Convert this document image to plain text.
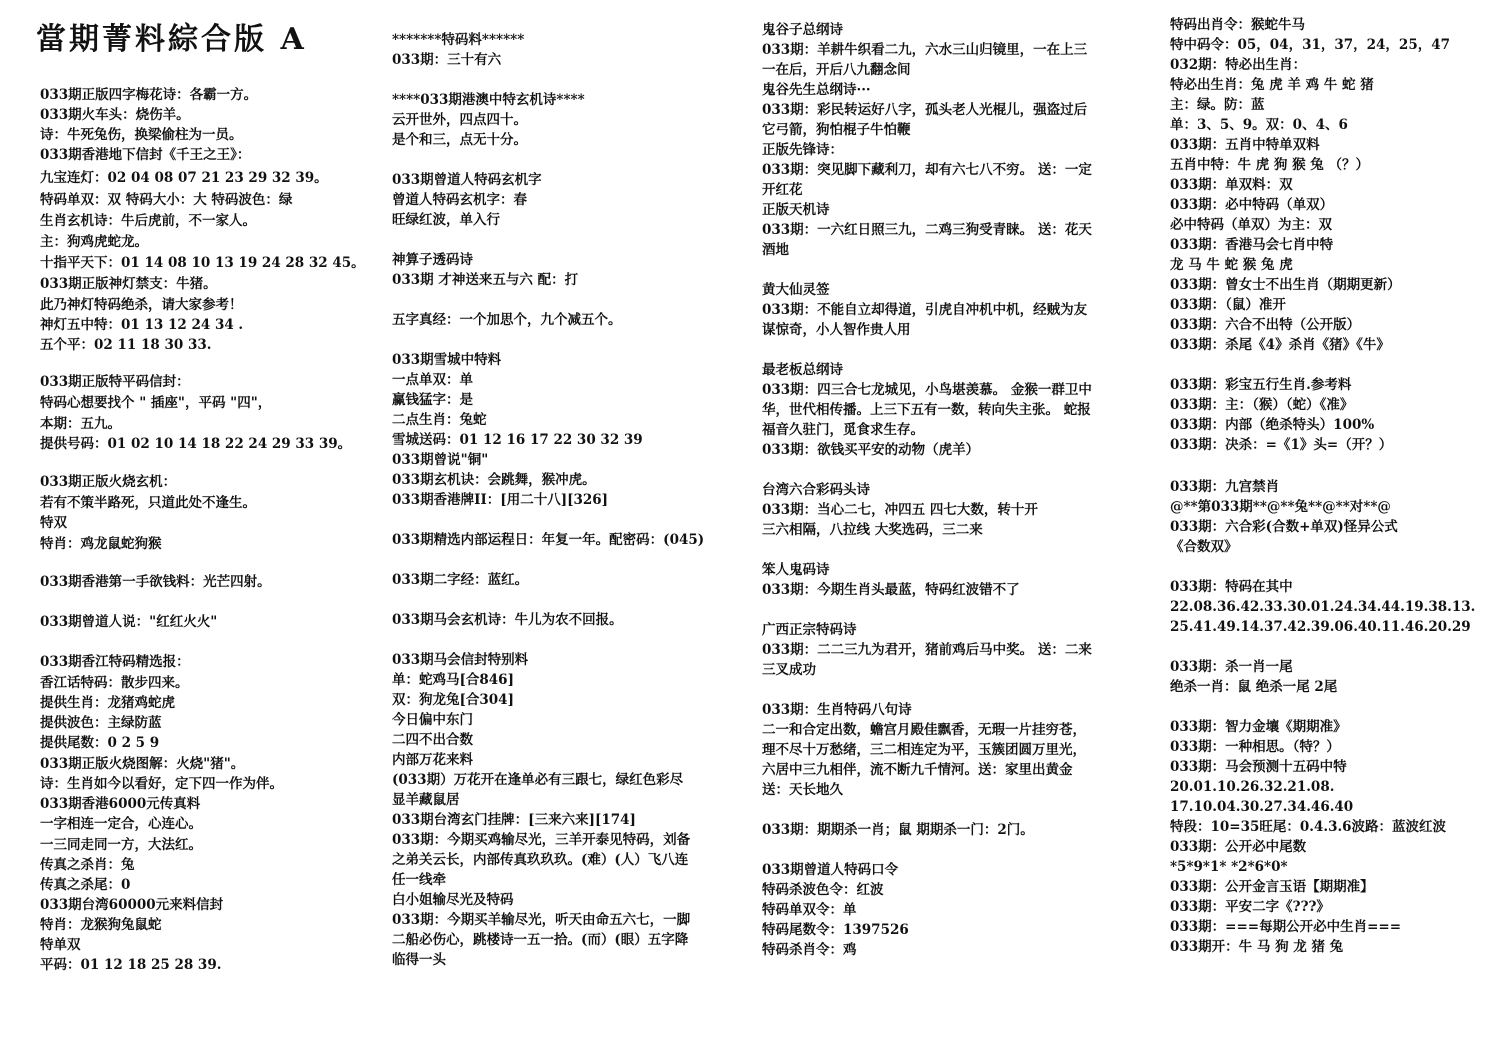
當期菁料綜合版 A
033期正版四字梅花诗：各霸一方。
033期火车头：烧伤羊。
诗：牛死兔伤，换梁偷柱为一员。
033期香港地下信封《千王之王》：
九宝连灯：02 04 08 07 21 23 29 32 39。
特码单双：双 特码大小：大 特码波色：绿
生肖玄机诗：牛后虎前，不一家人。
主：狗鸡虎蛇龙。
十指平天下：01 14 08 10 13 19 24 28 32 45。
033期正版神灯禁支：牛猪。
此乃神灯特码绝杀，请大家参考！
神灯五中特：01 13 12 24 34 .
五个平：02 11 18 30 33.
033期正版特平码信封：
特码心想要找个 " 插座"，平码 "四"，
本期：五九。
提供号码：01 02 10 14 18 22 24 29 33 39。
033期正版火烧玄机：
若有不策半路死，只道此处不逢生。
特双
特肖：鸡龙鼠蛇狗猴
033期香港第一手欲钱料：光芒四射。
033期曾道人说："红红火火"
033期香江特码精选报：
香江话特码：散步四来。
提供生肖：龙猪鸡蛇虎
提供波色：主绿防蓝
提供尾数：0 2 5 9
033期正版火烧图解：火烧"猪"。
诗：生肖如今以看好，定下四一作为伴。
033期香港6000元传真料
一字相连一定合，心连心。
一三同走同一方，大法红。
传真之杀肖：兔
传真之杀尾：0
033期台湾60000元来料信封
特肖：龙猴狗兔鼠蛇
特单双
平码：01 12 18 25 28 39.
*******特码料******
033期：三十有六
****033期港澳中特玄机诗****
云开世外，四点四十。
是个和三，点无十分。
033期曾道人特码玄机字
曾道人特码玄机字：春
旺绿红波，单入行
神算子透码诗
033期 才神送来五与六 配：打
五字真经：一个加思个，九个减五个。
033期雪城中特料
一点单双：单
赢钱猛字：是
二点生肖：兔蛇
雪城送码：01 12 16 17 22 30 32 39
033期曾说"铜"
033期玄机诀：会跳舞，猴冲虎。
033期香港牌II：[用二十八][326]
033期精选内部运程日：年复一年。配密码：(045)
033期二字经：蓝红。
033期马会玄机诗：牛儿为农不回报。
033期马会信封特别料
单：蛇鸡马[合846]
双：狗龙兔[合304]
今日偏中东门
二四不出合数
内部万花来料
(033期）万花开在逢单必有三跟七，绿红色彩尽
显羊藏鼠居
033期台湾玄门挂牌：[三来六来][174]
033期：今期买鸡输尽光，三羊开泰见特码，刘备
之弟关云长，内部传真玖玖玖。(难）(人）飞八连
任一线牵
白小姐输尽光及特码
033期：今期买羊输尽光，听天由命五六七，一脚
二船必伤心，跳楼诗一五一拾。(而）(眼）五字降
临得一头
鬼谷子总纲诗
033期：羊耕牛织看二九，六水三山归镜里，一在上三
一在后，开后八九翻念间
鬼谷先生总纲诗···
033期：彩民转运好八字，孤头老人光棍儿，强盗过后
它弓箭，狗怕棍子牛怕鞭
正版先锋诗：
033期：突见脚下藏利刀，却有六七八不穷。 送：一定
开红花
正版天机诗
033期：一六红日照三九，二鸡三狗受青睐。 送：花天
酒地
黄大仙灵签
033期：不能自立却得道，引虎自冲机中机，经贼为友
谋惊奇，小人智作贵人用
最老板总纲诗
033期：四三合七龙城见，小鸟堪羡慕。 金猴一群卫中
华，世代相传播。上三下五有一数，转向失主张。 蛇报
福音久驻门，觅食求生存。
033期：欲钱买平安的动物（虎羊）
台湾六合彩码头诗
033期：当心二七，冲四五 四七大数，转十开
三六相隔，八拉线 大奖选码，三二来
笨人鬼码诗
033期：今期生肖头最蓝，特码红波错不了
广西正宗特码诗
033期：二二三九为君开，猪前鸡后马中奖。 送：二来
三叉成功
033期：生肖特码八句诗
二一和合定出数，蟾宫月殿佳飘香，无瑕一片挂穷苍，
理不尽十万愁绪，三二相连定为平，玉簇团圆万里光，
六居中三九相伴，流不断九千情河。送：家里出黄金
送：天长地久
033期：期期杀一肖；鼠 期期杀一门：2门。
033期曾道人特码口令
特码杀波色令：红波
特码单双令：单
特码尾数令：1397526
特码杀肖令：鸡
特码出肖令：猴蛇牛马
特中码令：05，04，31，37，24，25，47
032期：特必出生肖：
特必出生肖：兔 虎 羊 鸡 牛 蛇 猪
主：绿。防：蓝
单：3、5、9。双：0、4、6
033期：五肖中特单双料
五肖中特：牛 虎 狗 猴 兔 （？）
033期：单双料：双
033期：必中特码（单双）
必中特码（单双）为主：双
033期：香港马会七肖中特
龙 马 牛 蛇 猴 兔 虎
033期：曾女士不出生肖（期期更新）
033期：（鼠）准开
033期：六合不出特（公开版）
033期：杀尾《4》杀肖《猪》《牛》
033期：彩宝五行生肖.参考料
033期：主：（猴）（蛇）《准》
033期：内部（绝杀特头）100%
033期：决杀：=《1》头=（开？）
033期：九宫禁肖
@**第033期**@**兔**@**对**@
033期：六合彩(合数+单双)怪异公式
《合数双》
033期：特码在其中
22.08.36.42.33.30.01.24.34.44.19.38.13.
25.41.49.14.37.42.39.06.40.11.46.20.29
033期：杀一肖一尾
绝杀一肖：鼠 绝杀一尾 2尾
033期：智力金壤《期期准》
033期：一种相思。（特？）
033期：马会预测十五码中特
20.01.10.26.32.21.08.
17.10.04.30.27.34.46.40
特段：10=35旺尾：0.4.3.6波路：蓝波红波
033期：公开必中尾数
*5*9*1* *2*6*0*
033期：公开金言玉语【期期准】
033期：平安二字《???》
033期：===每期公开必中生肖===
033期开：牛 马 狗 龙 猪 兔
